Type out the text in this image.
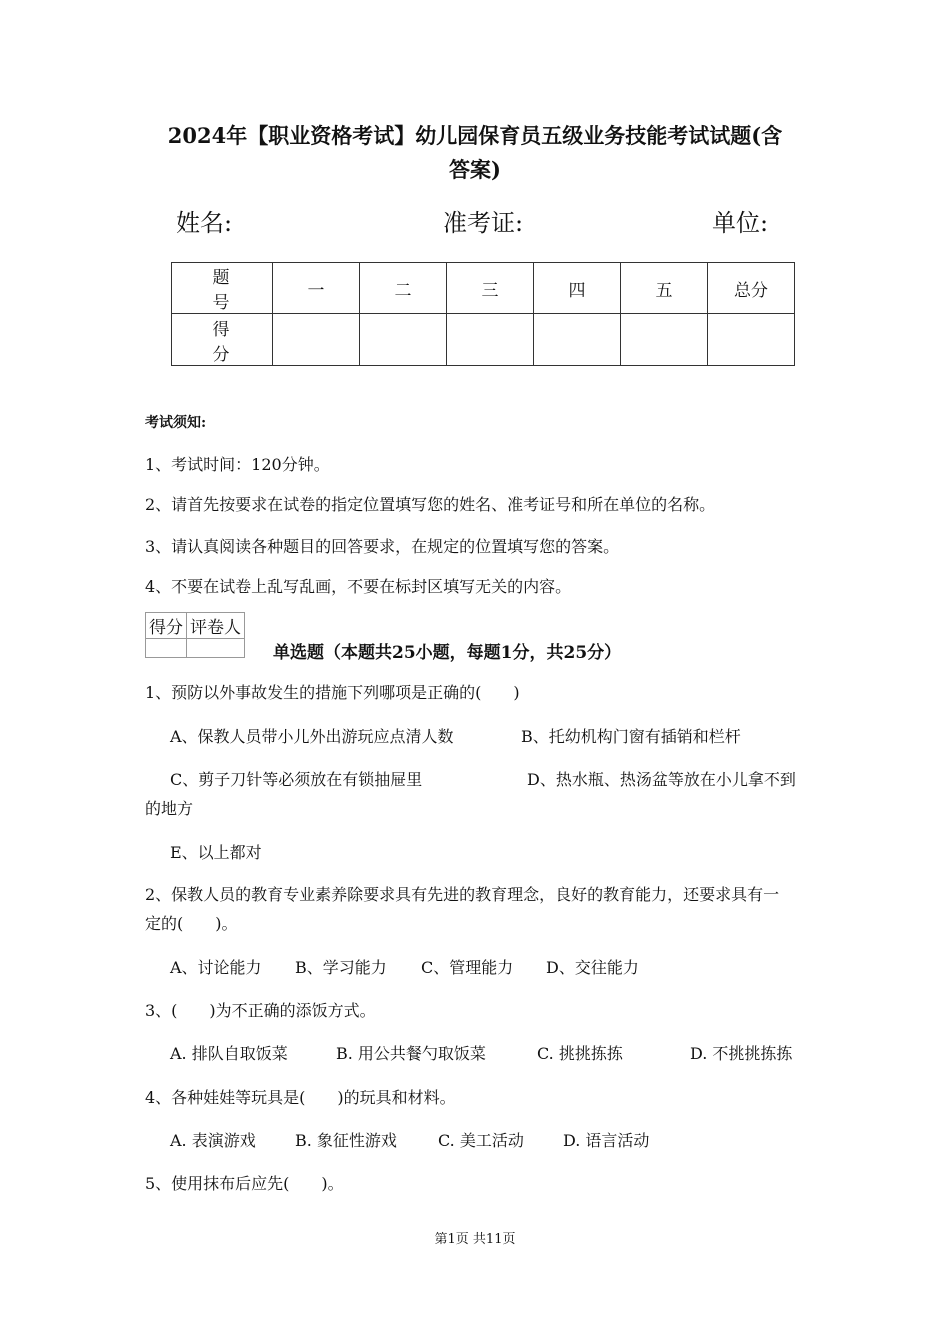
2024年【职业资格考试】幼儿园保育员五级业务技能考试试题(含
答案)
姓名:	准考证:	单位:
题 号	一	二	三	四	五	总分
得 分						
考试须知:
1、考试时间：120分钟。
2、请首先按要求在试卷的指定位置填写您的姓名、准考证号和所在单位的名称。
3、请认真阅读各种题目的回答要求，在规定的位置填写您的答案。
4、不要在试卷上乱写乱画，不要在标封区填写无关的内容。
得分	评卷人

单选题（本题共25小题，每题1分，共25分）
1、预防以外事故发生的措施下列哪项是正确的(　　)
A、保教人员带小儿外出游玩应点清人数	B、托幼机构门窗有插销和栏杆
C、剪子刀针等必须放在有锁抽屉里	D、热水瓶、热汤盆等放在小儿拿不到
的地方
E、以上都对
2、保教人员的教育专业素养除要求具有先进的教育理念，良好的教育能力，还要求具有一
定的(　　)。
A、讨论能力 B、学习能力 C、管理能力 D、交往能力
3、(　　)为不正确的添饭方式。
A. 排队自取饭菜	B. 用公共餐勺取饭菜	C. 挑挑拣拣	D. 不挑挑拣拣
4、各种娃娃等玩具是(　　)的玩具和材料。
A. 表演游戏 B. 象征性游戏	C. 美工活动 D. 语言活动
5、使用抹布后应先(　　)。
第1页 共11页
